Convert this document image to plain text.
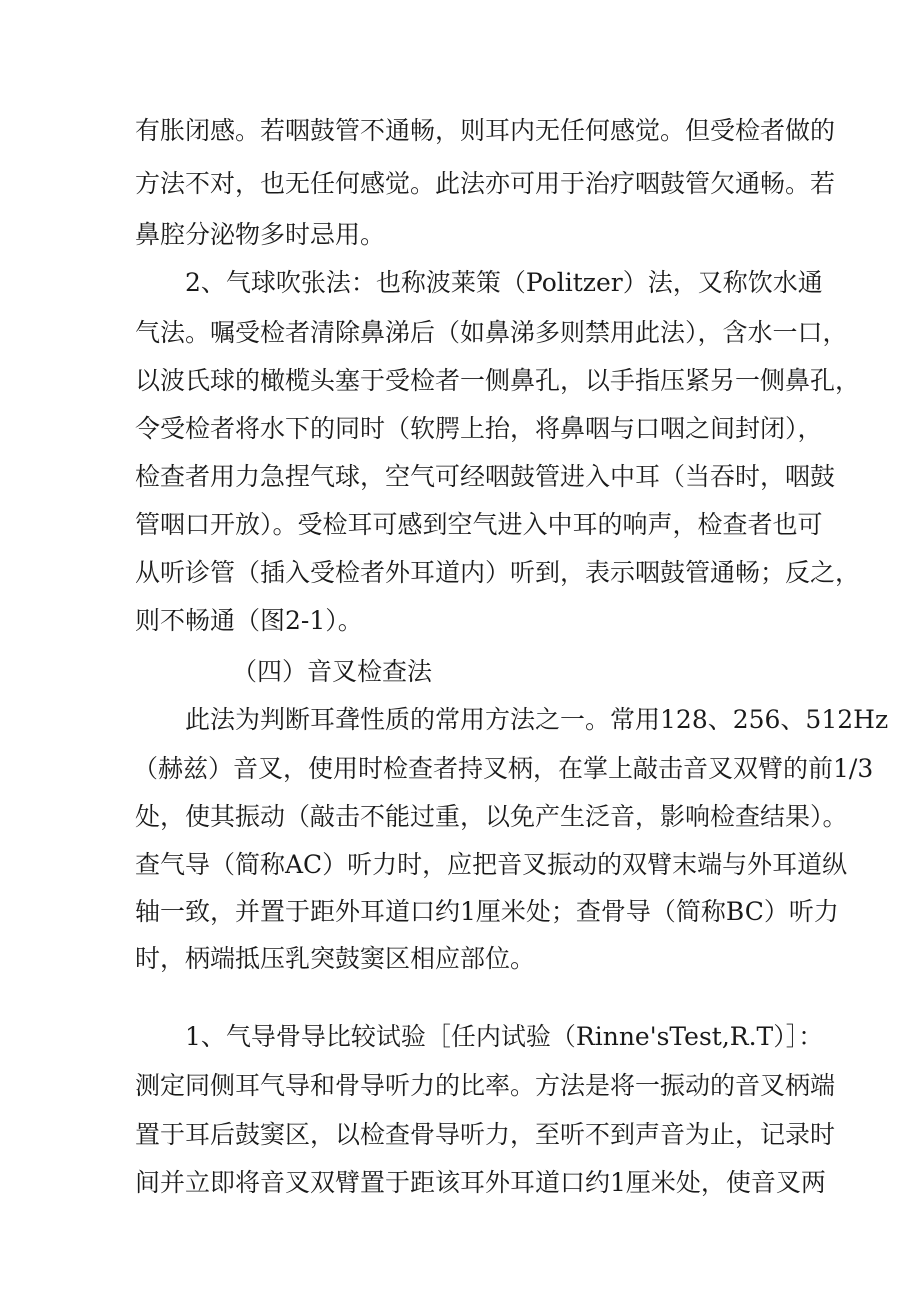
有胀闭感。若咽鼓管不通畅，则耳内无任何感觉。但受检者做的
方法不对，也无任何感觉。此法亦可用于治疗咽鼓管欠通畅。若
鼻腔分泌物多时忌用。
2、气球吹张法：也称波莱策（Politzer）法，又称饮水通
气法。嘱受检者清除鼻涕后（如鼻涕多则禁用此法），含水一口，
以波氏球的橄榄头塞于受检者一侧鼻孔，以手指压紧另一侧鼻孔，
令受检者将水下的同时（软腭上抬，将鼻咽与口咽之间封闭），
检查者用力急捏气球，空气可经咽鼓管进入中耳（当吞时，咽鼓
管咽口开放）。受检耳可感到空气进入中耳的响声，检查者也可
从听诊管（插入受检者外耳道内）听到，表示咽鼓管通畅；反之，
则不畅通（图2-1）。
（四）音叉检查法
此法为判断耳聋性质的常用方法之一。常用128、256、512Hz
（赫兹）音叉，使用时检查者持叉柄，在掌上敲击音叉双臂的前1/3
处，使其振动（敲击不能过重，以免产生泛音，影响检查结果）。
查气导（简称AC）听力时，应把音叉振动的双臂末端与外耳道纵
轴一致，并置于距外耳道口约1厘米处；查骨导（简称BC）听力
时，柄端抵压乳突鼓窦区相应部位。
1、气导骨导比较试验［任内试验（Rinne'sTest,R.T）］：
测定同侧耳气导和骨导听力的比率。方法是将一振动的音叉柄端
置于耳后鼓窦区，以检查骨导听力，至听不到声音为止，记录时
间并立即将音叉双臂置于距该耳外耳道口约1厘米处，使音叉两
